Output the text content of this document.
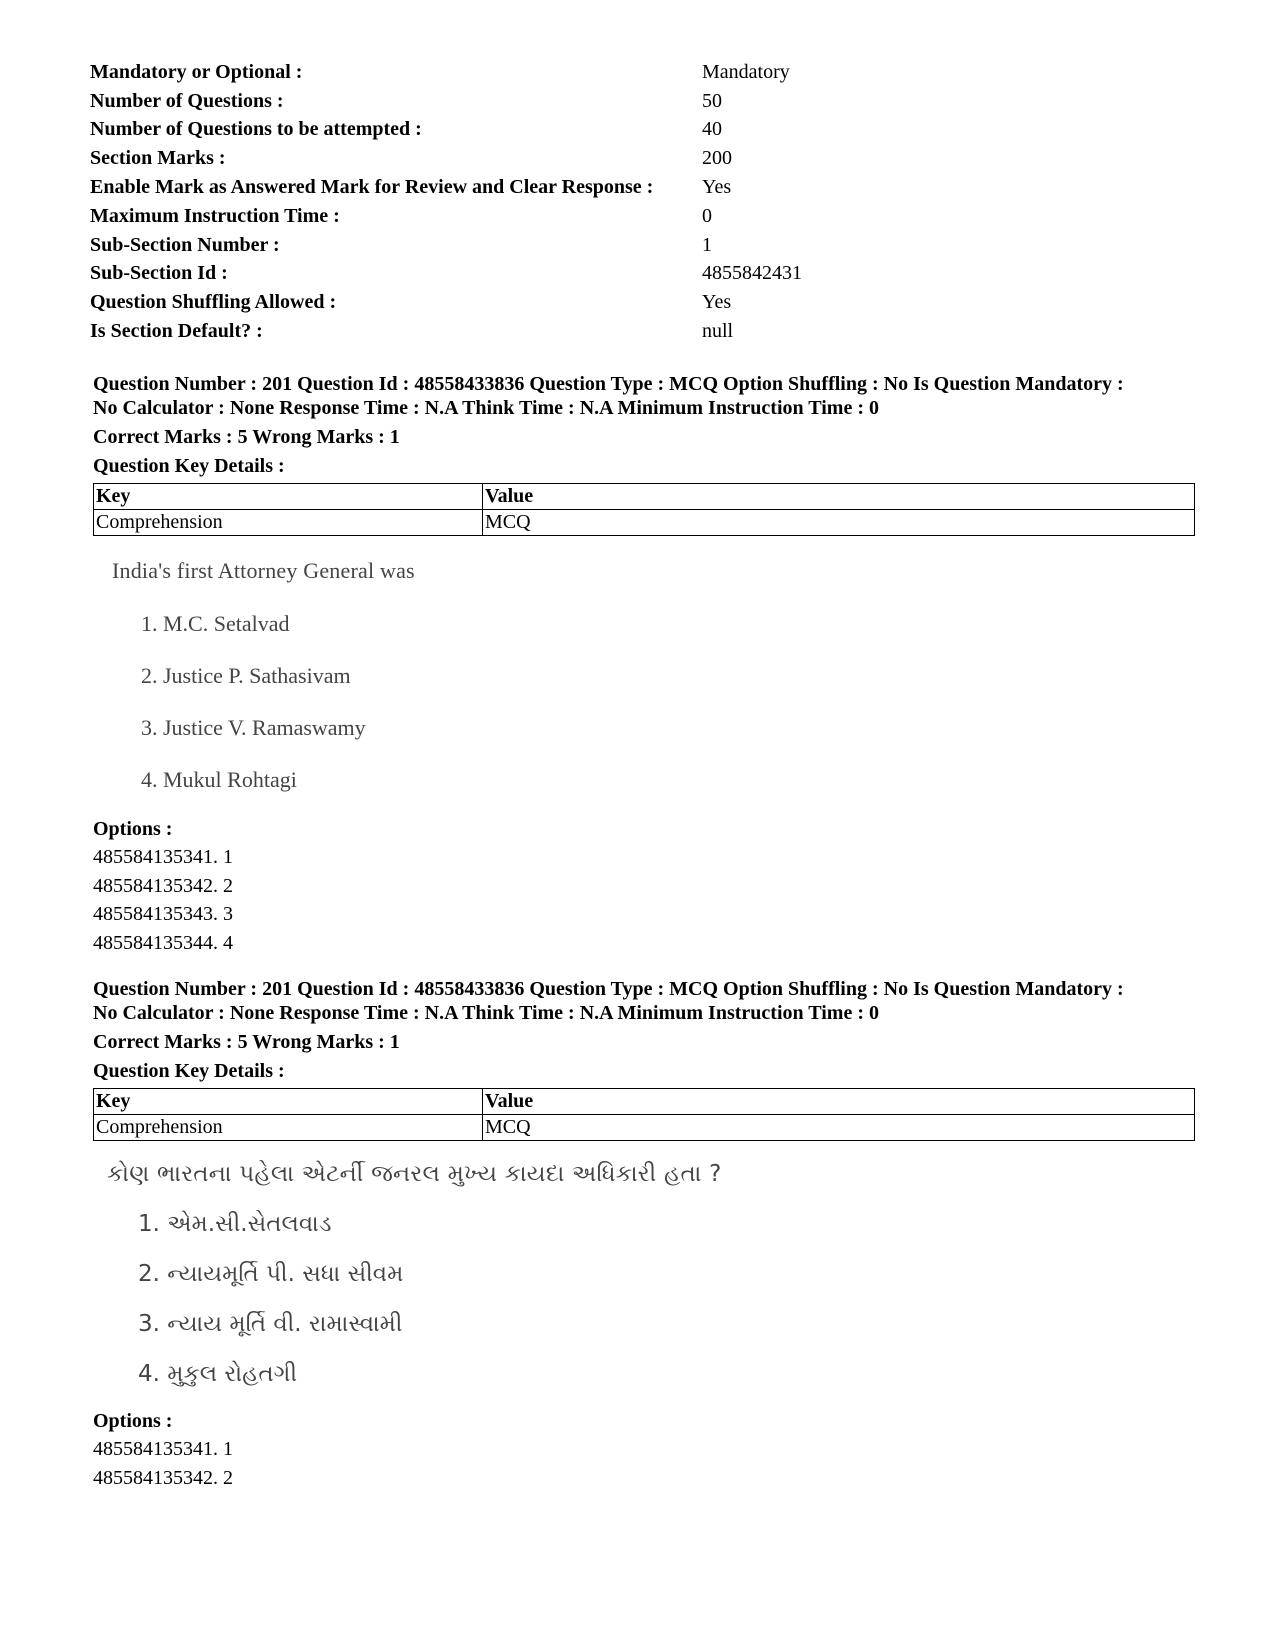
Mandatory or Optional :	Mandatory
Number of Questions :	50
Number of Questions to be attempted :	40
Section Marks :	200
Enable Mark as Answered Mark for Review and Clear Response :	Yes
Maximum Instruction Time :	0
Sub-Section Number :	1
Sub-Section Id :	4855842431
Question Shuffling Allowed :	Yes
Is Section Default? :	null
Question Number : 201 Question Id : 48558433836 Question Type : MCQ Option Shuffling : No Is Question Mandatory :
No Calculator : None Response Time : N.A Think Time : N.A Minimum Instruction Time : 0
Correct Marks : 5 Wrong Marks : 1
Question Key Details :
Key	Value
Comprehension	MCQ
India's first Attorney General was
1. M.C. Setalvad
2. Justice P. Sathasivam
3. Justice V. Ramaswamy
4. Mukul Rohtagi
Options :
485584135341. 1
485584135342. 2
485584135343. 3
485584135344. 4
Question Number : 201 Question Id : 48558433836 Question Type : MCQ Option Shuffling : No Is Question Mandatory :
No Calculator : None Response Time : N.A Think Time : N.A Minimum Instruction Time : 0
Correct Marks : 5 Wrong Marks : 1
Question Key Details :
Key	Value
Comprehension	MCQ
કોણ ભારતના પહેલા એટર્ની જનરલ મુખ્ય કાયદા અધિકારી હતા ?
1. એમ.સી.સેતલવાડ
2. ન્યાયમૂર્તિ પી. સધા સીવમ
3. ન્યાય મૂર્તિ વી. રામાસ્વામી
4. મુકુલ રોહતગી
Options :
485584135341. 1
485584135342. 2
